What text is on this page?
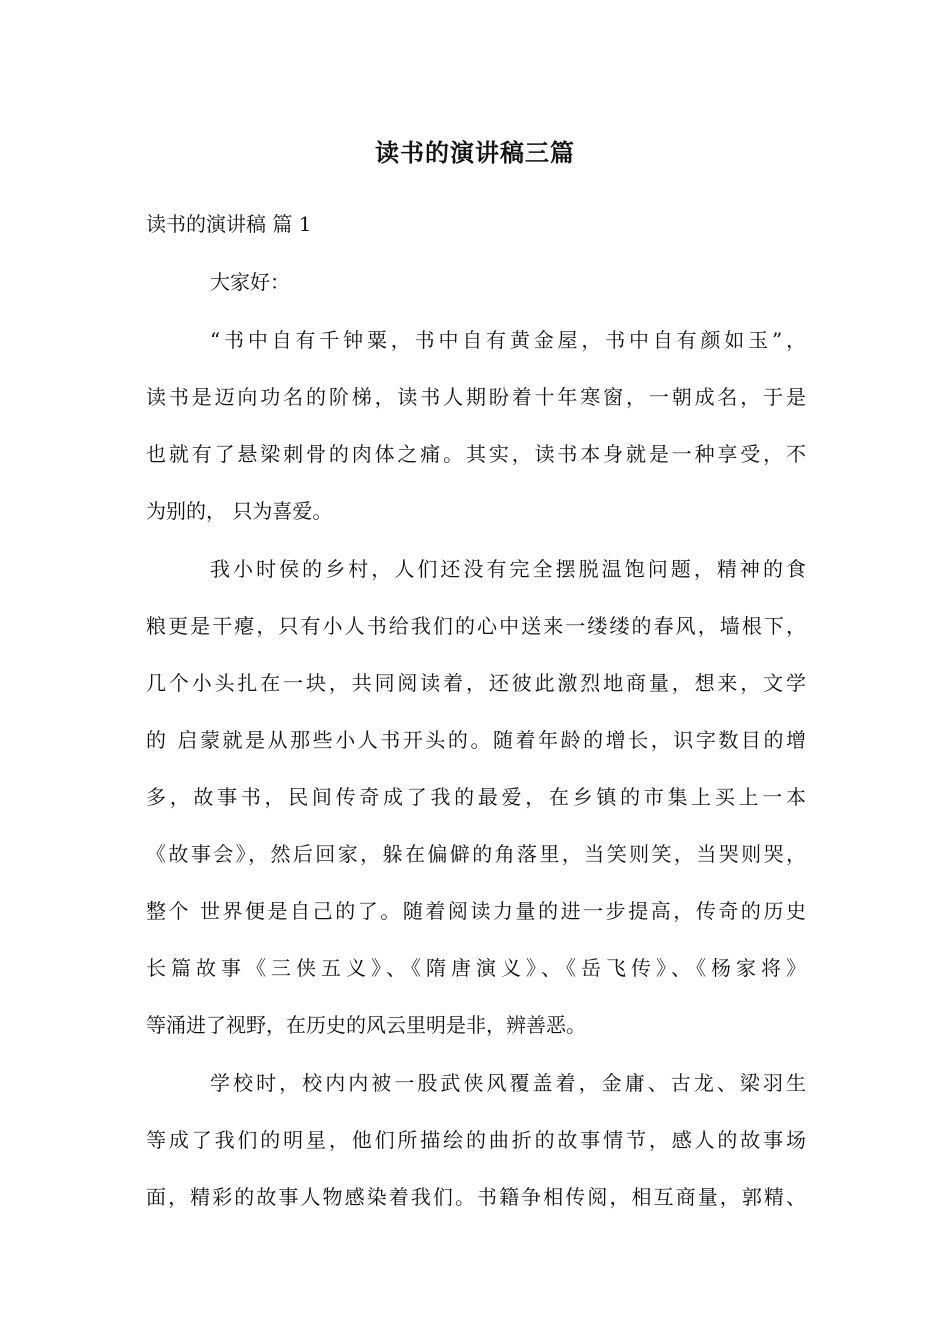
读书的演讲稿三篇
读书的演讲稿 篇 1
大家好：
“书中自有千钟粟，书中自有黄金屋，书中自有颜如玉”，
读书是迈向功名的阶梯，读书人期盼着十年寒窗，一朝成名，于是
也就有了悬梁刺骨的肉体之痛。其实，读书本身就是一种享受，不
为别的， 只为喜爱。
我小时侯的乡村，人们还没有完全摆脱温饱问题，精神的食
粮更是干瘪，只有小人书给我们的心中送来一缕缕的春风，墙根下，
几个小头扎在一块，共同阅读着，还彼此激烈地商量，想来，文学
的 启蒙就是从那些小人书开头的。随着年龄的增长，识字数目的增
多，故事书，民间传奇成了我的最爱，在乡镇的市集上买上一本
《故事会》，然后回家，躲在偏僻的角落里，当笑则笑，当哭则哭，
整个 世界便是自己的了。随着阅读力量的进一步提高，传奇的历史
长篇故事《三侠五义》、《隋唐演义》、《岳飞传》、《杨家将》
等涌进了视野，在历史的风云里明是非，辨善恶。
学校时，校内内被一股武侠风覆盖着，金庸、古龙、梁羽生
等成了我们的明星，他们所描绘的曲折的故事情节，感人的故事场
面，精彩的故事人物感染着我们。书籍争相传阅，相互商量，郭精、
